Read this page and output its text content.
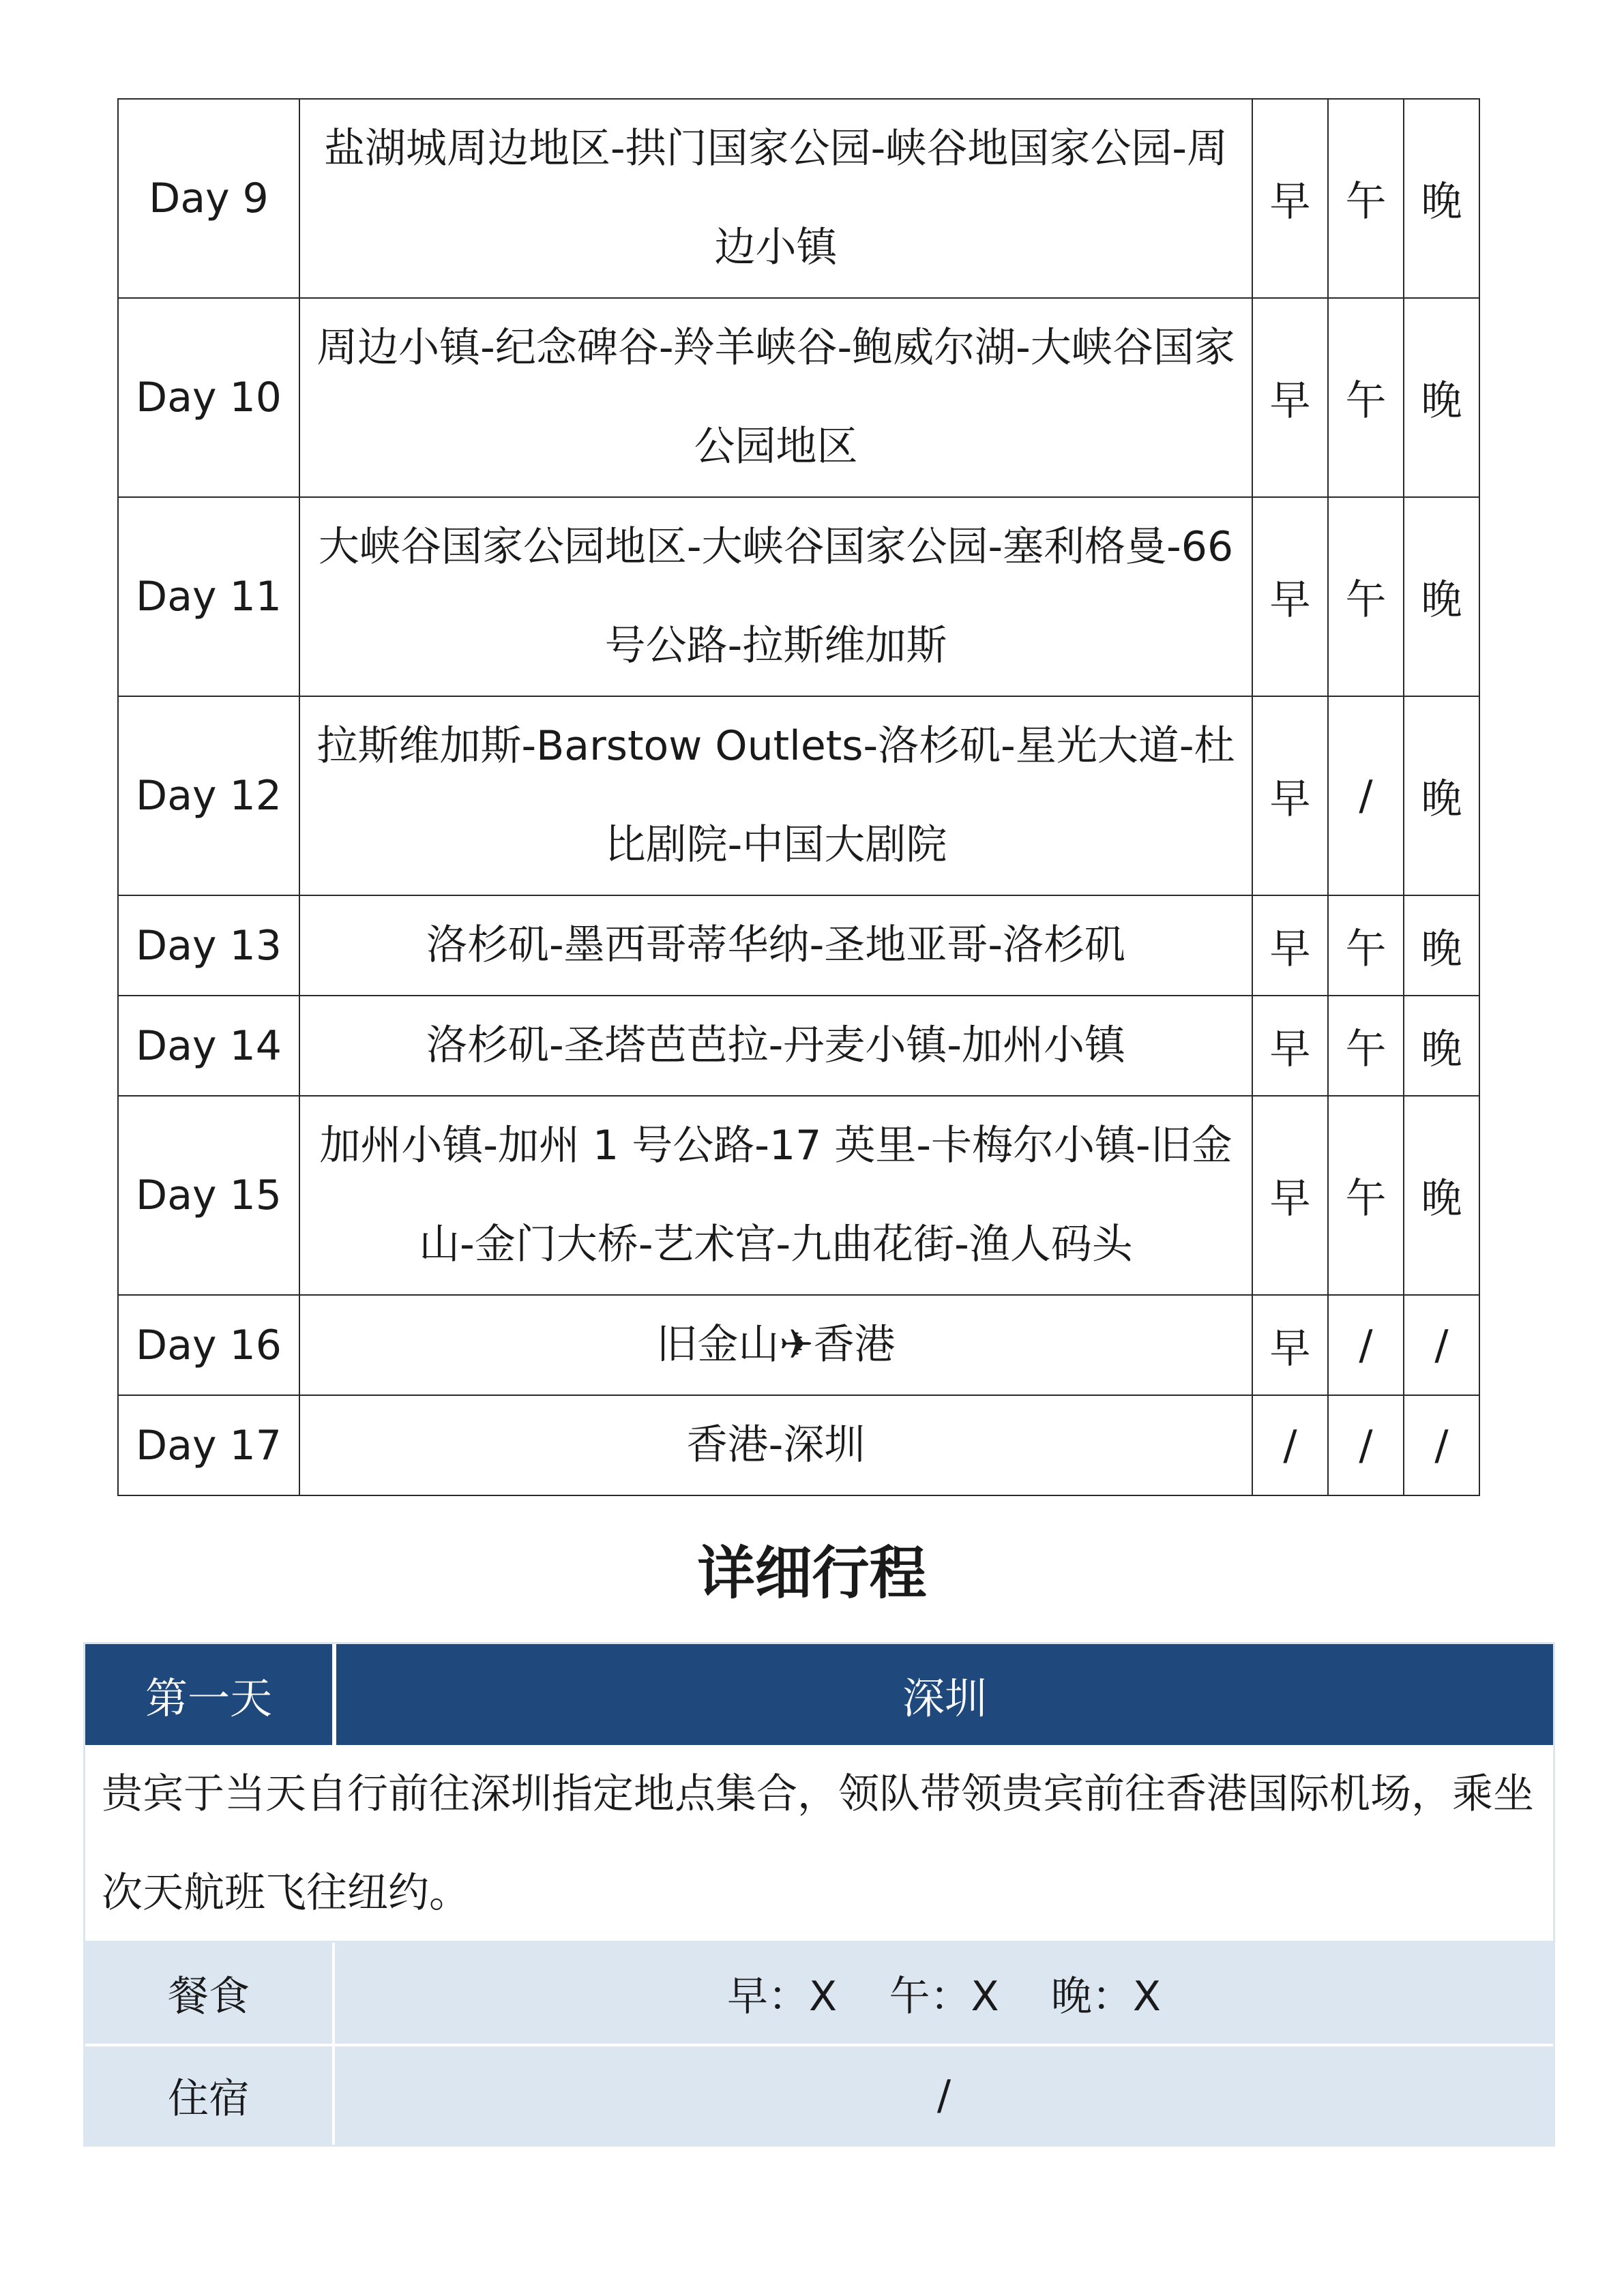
Day 9	盐湖城周边地区-拱门国家公园-峡谷地国家公园-周边小镇	早	午	晚
Day 10	周边小镇-纪念碑谷-羚羊峡谷-鲍威尔湖-大峡谷国家公园地区	早	午	晚
Day 11	大峡谷国家公园地区-大峡谷国家公园-塞利格曼-66 号公路-拉斯维加斯	早	午	晚
Day 12	拉斯维加斯-Barstow Outlets-洛杉矶-星光大道-杜比剧院-中国大剧院	早	/	晚
Day 13	洛杉矶-墨西哥蒂华纳-圣地亚哥-洛杉矶	早	午	晚
Day 14	洛杉矶-圣塔芭芭拉-丹麦小镇-加州小镇	早	午	晚
Day 15	加州小镇-加州 1 号公路-17 英里-卡梅尔小镇-旧金山-金门大桥-艺术宫-九曲花街-渔人码头	早	午	晚
Day 16	旧金山✈香港	早	/	/
Day 17	香港-深圳	/	/	/
详细行程
第一天	深圳
贵宾于当天自行前往深圳指定地点集合，领队带领贵宾前往香港国际机场，乘坐次天航班飞往纽约。
餐食	早：X    午：X    晚：X
住宿	/
